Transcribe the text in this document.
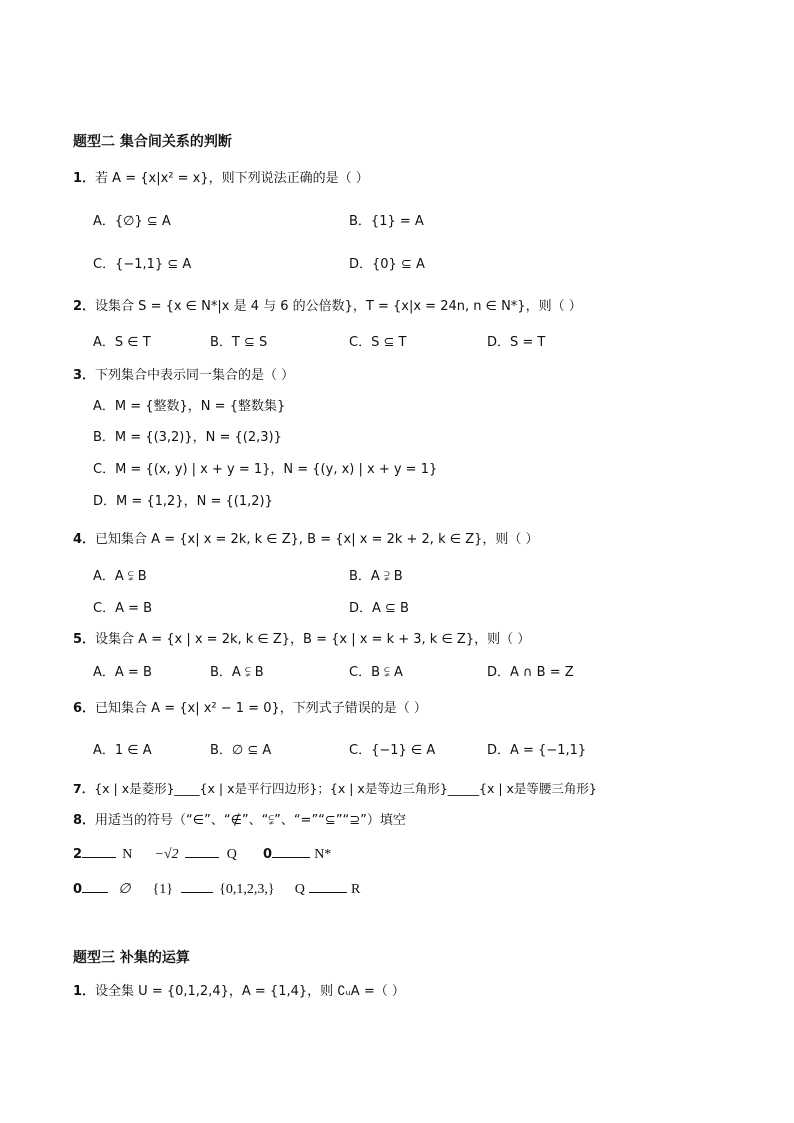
题型二 集合间关系的判断
1．若 A = {x|x² = x}，则下列说法正确的是（ ）
A．{∅} ⊆ A	B．{1} = A
C．{−1,1} ⊆ A	D．{0} ⊆ A
2．设集合 S = {x ∈ N*|x 是 4 与 6 的公倍数}，T = {x|x = 24n, n ∈ N*}，则（ ）
A．S ∈ T	B．T ⊆ S	C．S ⊆ T	D．S = T
3．下列集合中表示同一集合的是（ ）
A．M = {整数}，N = {整数集}
B．M = {(3,2)}，N = {(2,3)}
C．M = {(x, y) | x + y = 1}，N = {(y, x) | x + y = 1}
D．M = {1,2}，N = {(1,2)}
4．已知集合 A = {x| x = 2k, k ∈ Z}, B = {x| x = 2k + 2, k ∈ Z}，则（ ）
A．A ⫋ B	B．A ⫌ B
C．A = B	D．A ⊆ B
5．设集合 A = {x | x = 2k, k ∈ Z}，B = {x | x = k + 3, k ∈ Z}，则（ ）
A．A = B	B．A ⫋ B	C．B ⫋ A	D．A ∩ B = Z
6．已知集合 A = {x| x² − 1 = 0}，下列式子错误的是（ ）
A．1 ∈ A	B．∅ ⊆ A	C．{−1} ∈ A	D．A = {−1,1}
7．{x | x是菱形}____{x | x是平行四边形}；{x | x是等边三角形}_____{x | x是等腰三角形}
8．用适当的符号（“∈”、“∉”、“⫋”、“=”“⊆”“⊇”）填空
2	N −√2	Q 0	N*
0	∅ {1}	{0,1,2,3,} Q	R
题型三 补集的运算
1．设全集 U = {0,1,2,4}，A = {1,4}，则 ∁ᵤA =（ ）
